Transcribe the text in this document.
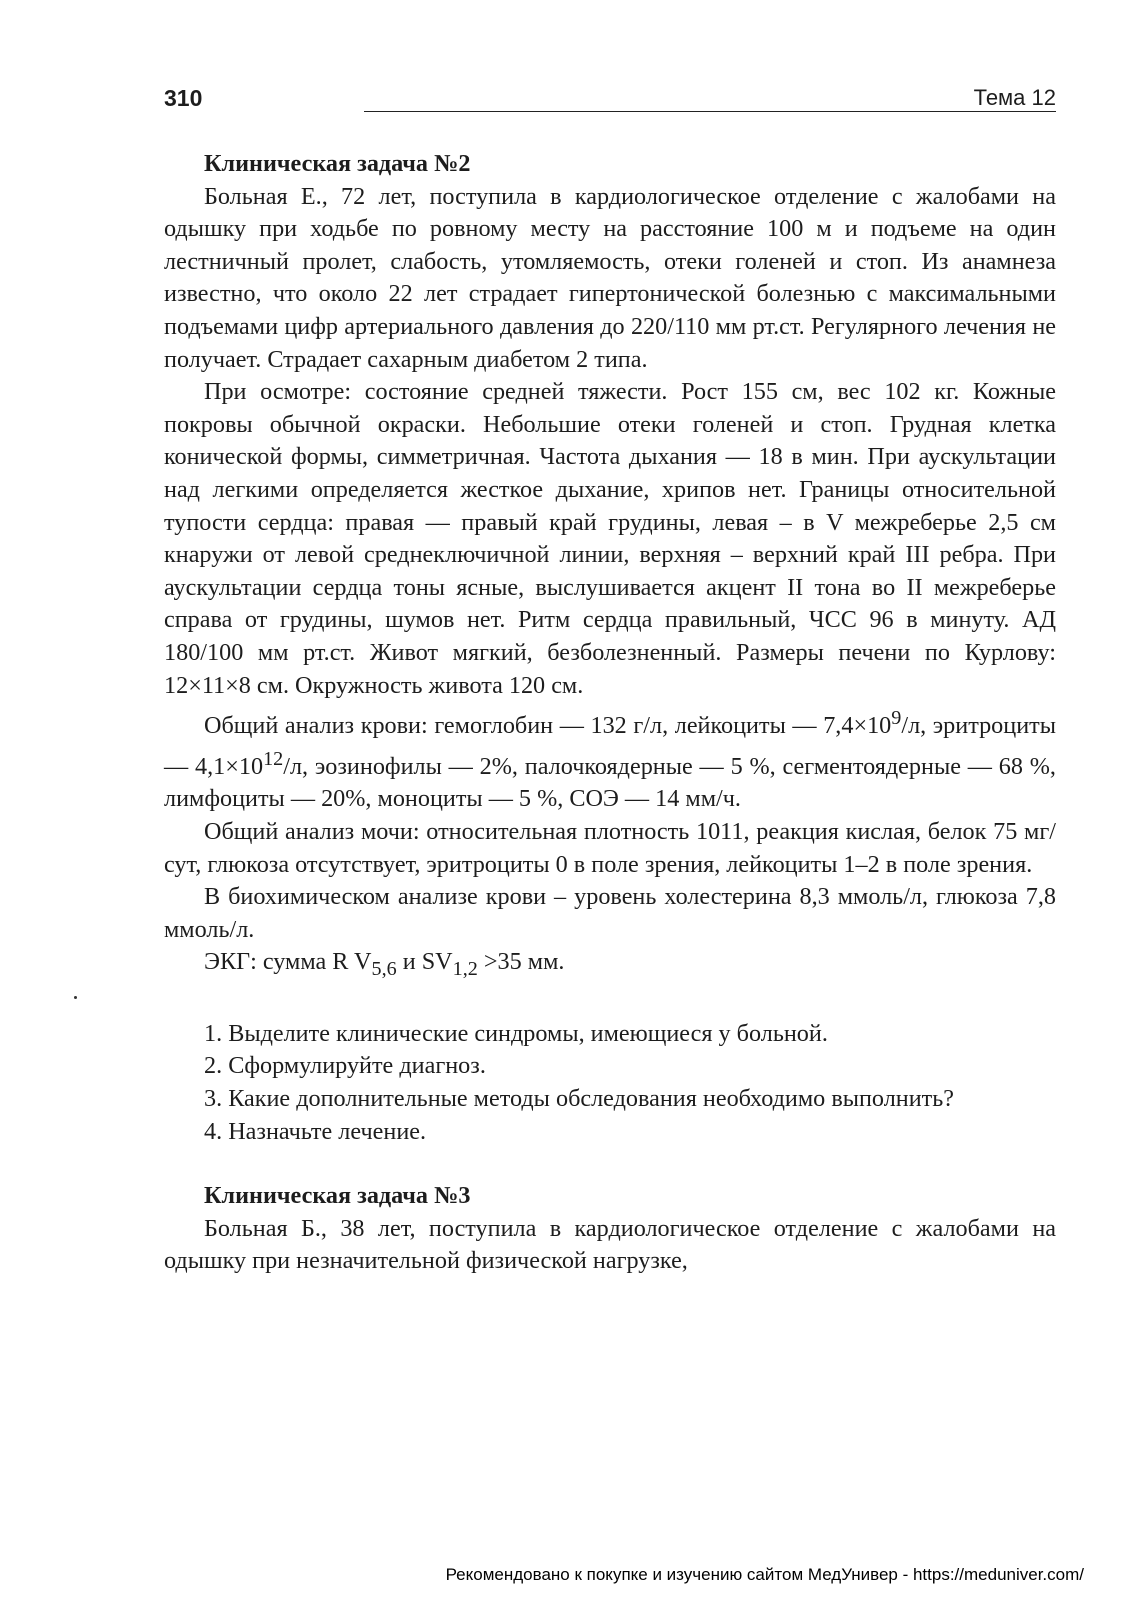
310	Тема 12
Клиническая задача №2

Больная Е., 72 лет, поступила в кардиологическое отделение с жалобами на одышку при ходьбе по ровному месту на расстояние 100 м и подъеме на один лестничный пролет, слабость, утомляемость, отеки голеней и стоп. Из анамнеза известно, что около 22 лет страдает гипертонической болезнью с максимальными подъемами цифр артериального давления до 220/110 мм рт.ст. Регулярного лечения не получает. Страдает сахарным диабетом 2 типа.

При осмотре: состояние средней тяжести. Рост 155 см, вес 102 кг. Кожные покровы обычной окраски. Небольшие отеки голеней и стоп. Грудная клетка конической формы, симметричная. Частота дыхания — 18 в мин. При аускультации над легкими определяется жесткое дыхание, хрипов нет. Границы относительной тупости сердца: правая — правый край грудины, левая – в V межреберье 2,5 см кнаружи от левой среднеключичной линии, верхняя – верхний край III ребра. При аускультации сердца тоны ясные, выслушивается акцент II тона во II межреберье справа от грудины, шумов нет. Ритм сердца правильный, ЧСС 96 в минуту. АД 180/100 мм рт.ст. Живот мягкий, безболезненный. Размеры печени по Курлову: 12×11×8 см. Окружность живота 120 см.

Общий анализ крови: гемоглобин — 132 г/л, лейкоциты — $7,4\times 10^9/л$, эритроциты — $4,1\times 10^{12}/л$, эозинофилы — 2%, палочкоядерные — 5 %, сегментоядерные — 68 %, лимфоциты — 20%, моноциты — 5 %, СОЭ — 14 мм/ч.

Общий анализ мочи: относительная плотность 1011, реакция кислая, белок 75 мг/сут, глюкоза отсутствует, эритроциты 0 в поле зрения, лейкоциты 1–2 в поле зрения.

В биохимическом анализе крови – уровень холестерина 8,3 ммоль/л, глюкоза 7,8 ммоль/л.

ЭКГ: сумма R $V_{5,6}$ и $SV_{1,2} >35$ мм.

1. Выделите клинические синдромы, имеющиеся у больной.

2. Сформулируйте диагноз.

3. Какие дополнительные методы обследования необходимо выполнить?

4. Назначьте лечение.

Клиническая задача №3

Больная Б., 38 лет, поступила в кардиологическое отделение с жалобами на одышку при незначительной физической нагрузке,

Рекомендовано к покупке и изучению сайтом МедУнивер - https://meduniver.com/
